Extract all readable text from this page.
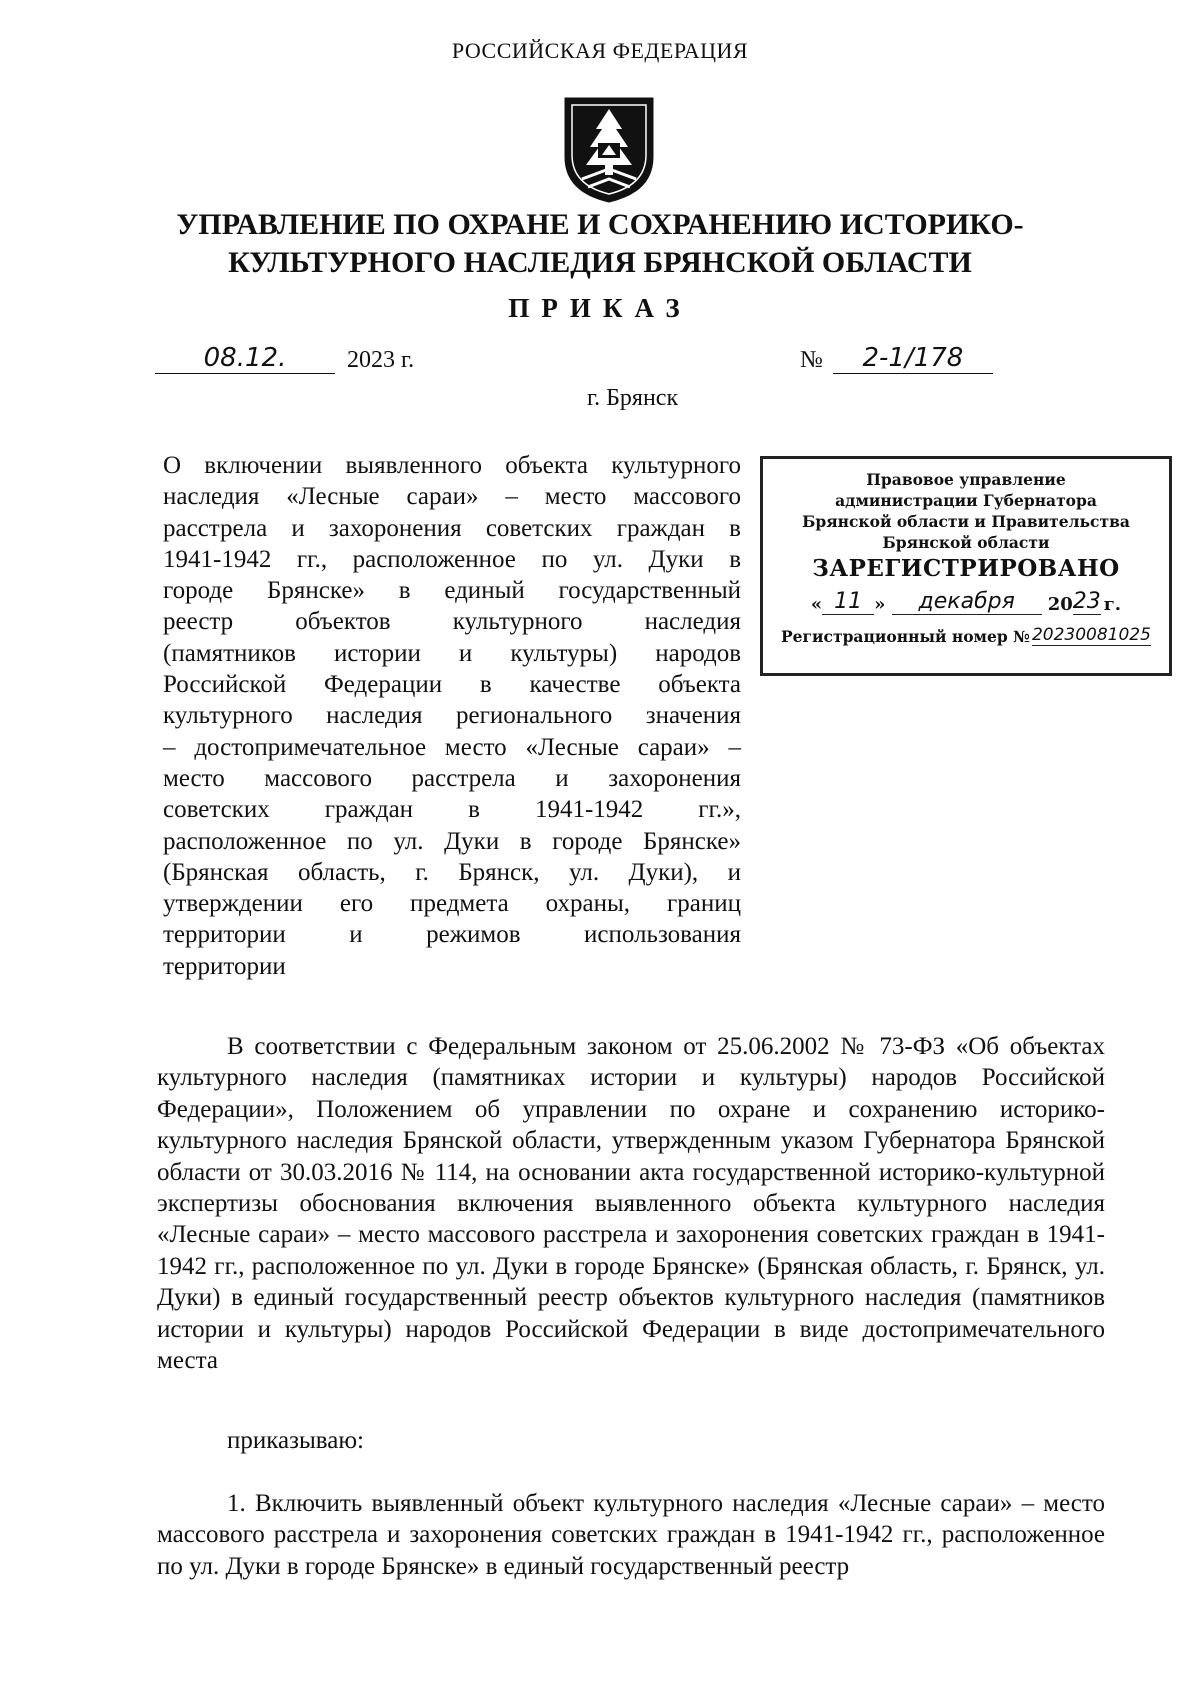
РОССИЙСКАЯ ФЕДЕРАЦИЯ
УПРАВЛЕНИЕ ПО ОХРАНЕ И СОХРАНЕНИЮ ИСТОРИКО-
КУЛЬТУРНОГО НАСЛЕДИЯ БРЯНСКОЙ ОБЛАСТИ
ПРИКАЗ
08.12.	2023 г.	№	2-1/178
г. Брянск
О включении выявленного объекта культурного
наследия «Лесные сараи» – место массового
расстрела и захоронения советских граждан в
1941-1942 гг., расположенное по ул. Дуки в
городе Брянске» в единый государственный
реестр объектов культурного наследия
(памятников истории и культуры) народов
Российской Федерации в качестве объекта
культурного наследия регионального значения
– достопримечательное место «Лесные сараи» –
место массового расстрела и захоронения
советских граждан в 1941-1942 гг.»,
расположенное по ул. Дуки в городе Брянске»
(Брянская область, г. Брянск, ул. Дуки), и
утверждении его предмета охраны, границ
территории и режимов использования
территории
Правовое управление
администрации Губернатора
Брянской области и Правительства
Брянской области
ЗАРЕГИСТРИРОВАНО
« 11 »	декабря	20 23 г.
Регистрационный номер № 20230081025
В соответствии с Федеральным законом от 25.06.2002 № 73-ФЗ «Об объектах культурного наследия (памятниках истории и культуры) народов Российской Федерации», Положением об управлении по охране и сохранению историко-культурного наследия Брянской области, утвержденным указом Губернатора Брянской области от 30.03.2016 № 114, на основании акта государственной историко-культурной экспертизы обоснования включения выявленного объекта культурного наследия «Лесные сараи» – место массового расстрела и захоронения советских граждан в 1941-1942 гг., расположенное по ул. Дуки в городе Брянске» (Брянская область, г. Брянск, ул. Дуки) в единый государственный реестр объектов культурного наследия (памятников истории и культуры) народов Российской Федерации в виде достопримечательного места
приказываю:
1. Включить выявленный объект культурного наследия «Лесные сараи» – место массового расстрела и захоронения советских граждан в 1941-1942 гг., расположенное по ул. Дуки в городе Брянске» в единый государственный реестр
